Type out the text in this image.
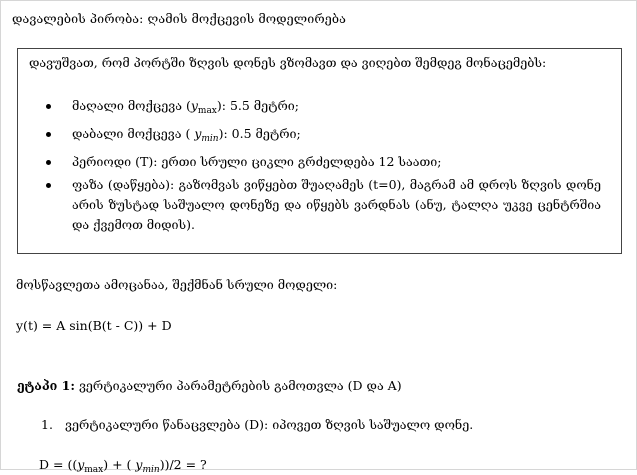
დავალების პირობა: ღამის მოქცევის მოდელირება
დავუშვათ, რომ პორტში ზღვის დონეს ვზომავთ და ვიღებთ შემდეგ მონაცემებს:
მაღალი მოქცევა $(y_{max})$: 5.5 მეტრი;
დაბალი მოქცევა ( $y_{min}$): 0.5 მეტრი;
პერიოდი (T): ერთი სრული ციკლი გრძელდება 12 საათი;
ფაზა (დაწყება): გაზომვას ვიწყებთ შუაღამეს (t=0), მაგრამ ამ დროს ზღვის დონე არის ზუსტად საშუალო დონეზე და იწყებს ვარდნას (ანუ, ტალღა უკვე ცენტრშია და ქვემოთ მიდის).
მოსწავლეთა ამოცანაა, შექმნან სრული მოდელი:
y(t) = A sin(B(t - C)) + D
ეტაპი 1: ვერტიკალური პარამეტრების გამოთვლა (D და A)
1. ვერტიკალური წანაცვლება (D): იპოვეთ ზღვის საშუალო დონე.
$D = ((y_{max})$ + ( $y_{min}))/2$ = ?
